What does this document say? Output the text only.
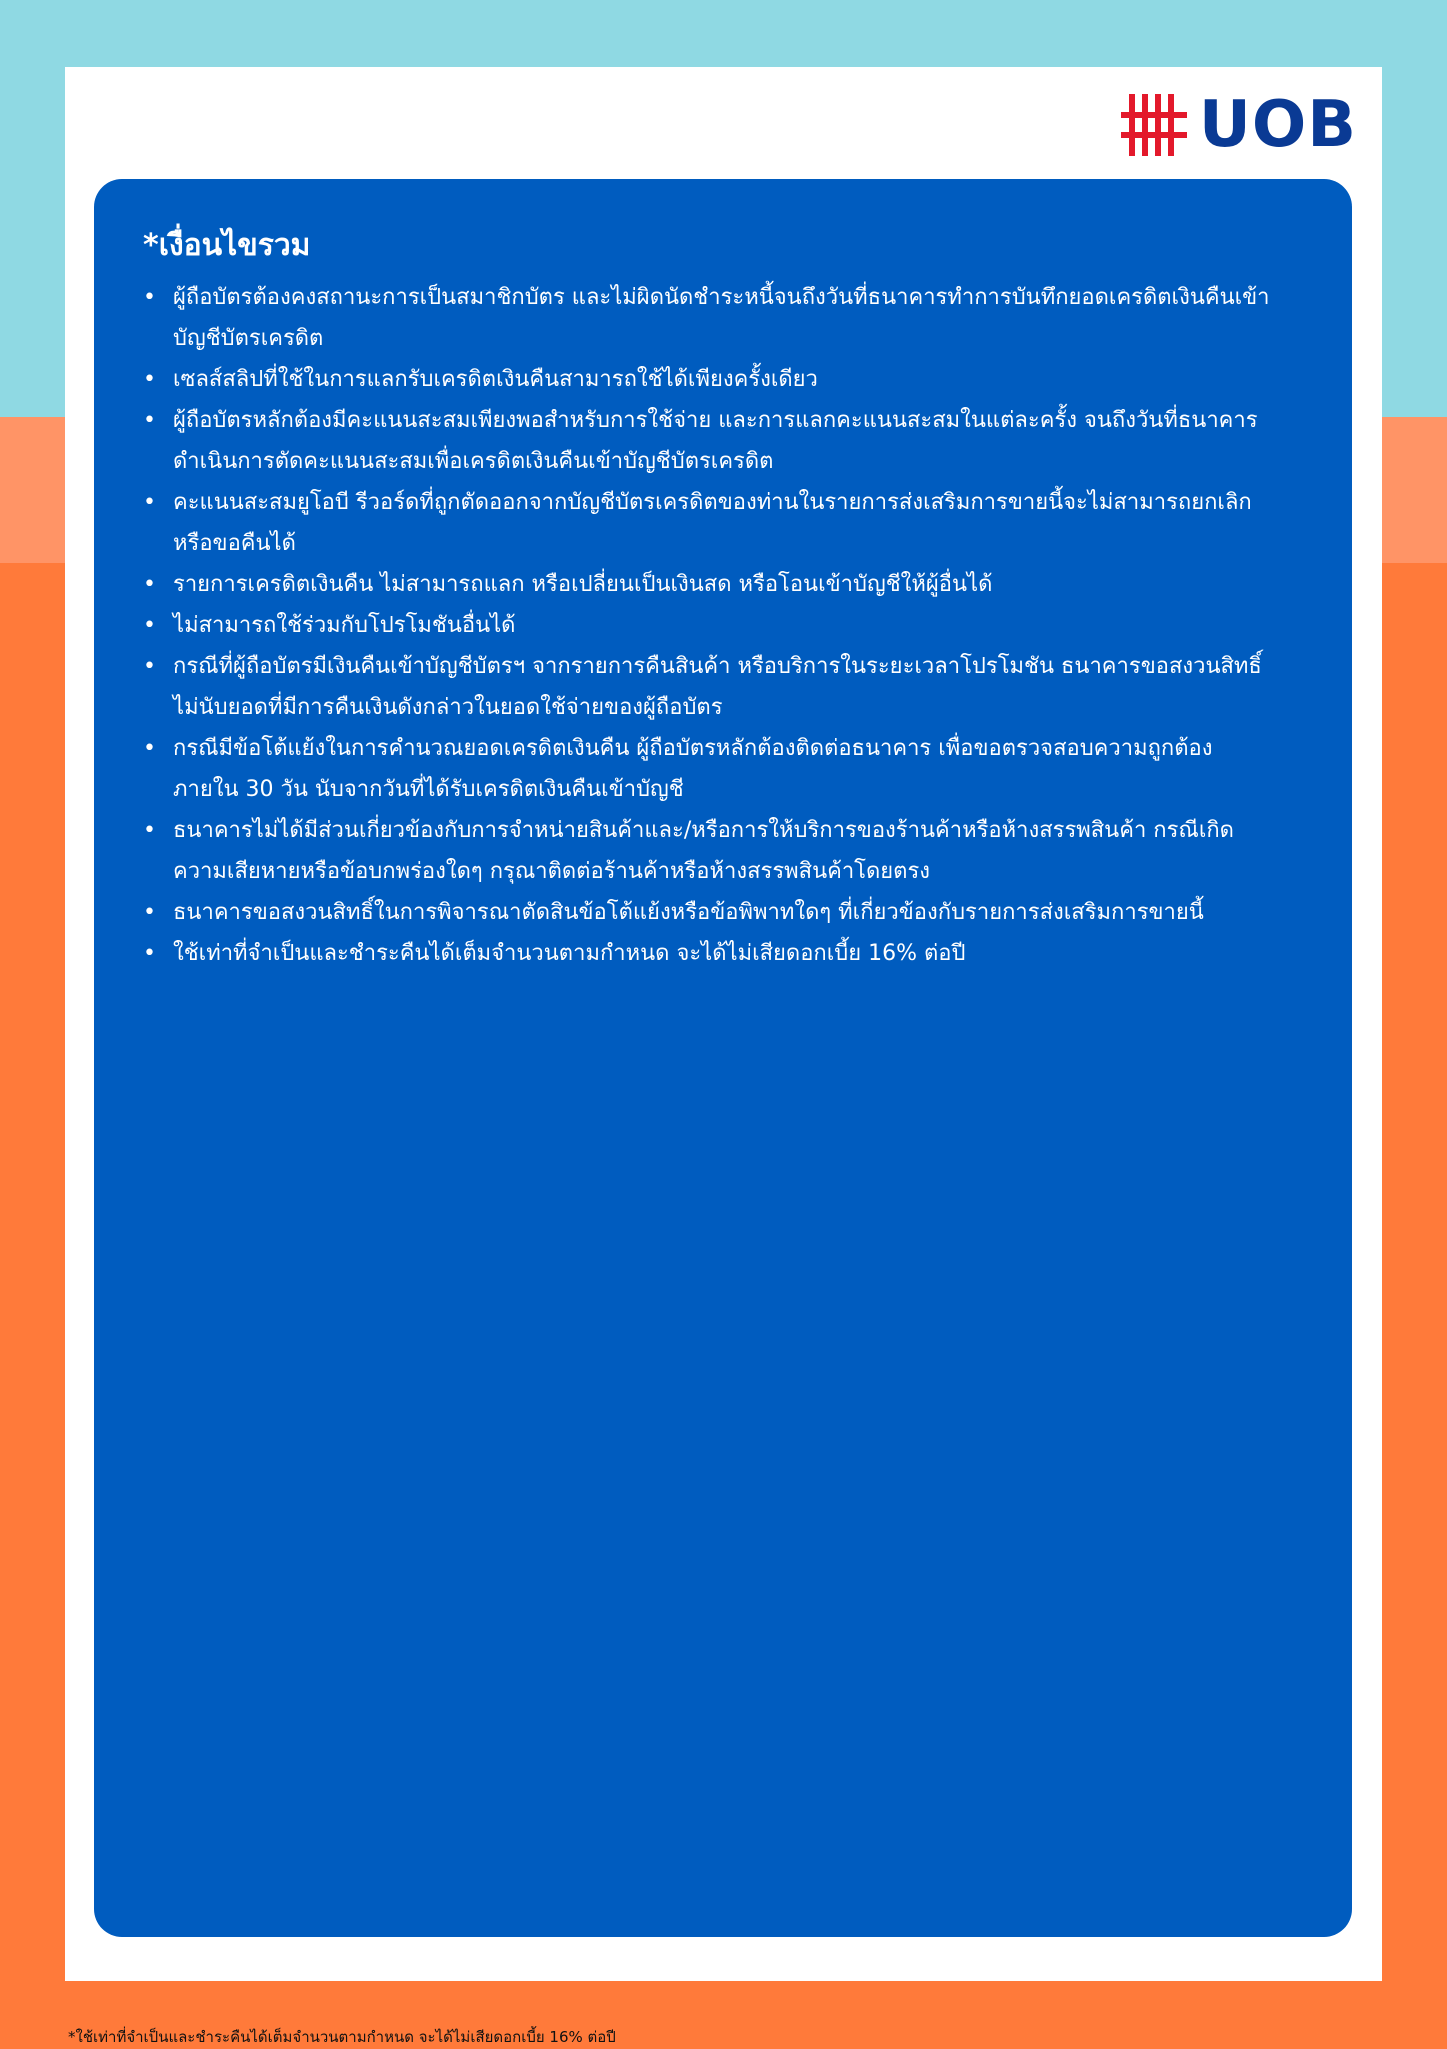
UOB
*เงื่อนไขรวม
• ผู้ถือบัตรต้องคงสถานะการเป็นสมาชิกบัตร และไม่ผิดนัดชำระหนี้จนถึงวันที่ธนาคารทำการบันทึกยอดเครดิตเงินคืนเข้าบัญชีบัตรเครดิต
• เซลส์สลิปที่ใช้ในการแลกรับเครดิตเงินคืนสามารถใช้ได้เพียงครั้งเดียว
• ผู้ถือบัตรหลักต้องมีคะแนนสะสมเพียงพอสำหรับการใช้จ่าย และการแลกคะแนนสะสมในแต่ละครั้ง จนถึงวันที่ธนาคารดำเนินการตัดคะแนนสะสมเพื่อเครดิตเงินคืนเข้าบัญชีบัตรเครดิต
• คะแนนสะสมยูโอบี รีวอร์ดที่ถูกตัดออกจากบัญชีบัตรเครดิตของท่านในรายการส่งเสริมการขายนี้จะไม่สามารถยกเลิกหรือขอคืนได้
• รายการเครดิตเงินคืน ไม่สามารถแลก หรือเปลี่ยนเป็นเงินสด หรือโอนเข้าบัญชีให้ผู้อื่นได้
• ไม่สามารถใช้ร่วมกับโปรโมชันอื่นได้
• กรณีที่ผู้ถือบัตรมีเงินคืนเข้าบัญชีบัตรฯ จากรายการคืนสินค้า หรือบริการในระยะเวลาโปรโมชัน ธนาคารขอสงวนสิทธิ์ไม่นับยอดที่มีการคืนเงินดังกล่าวในยอดใช้จ่ายของผู้ถือบัตร
• กรณีมีข้อโต้แย้งในการคำนวณยอดเครดิตเงินคืน ผู้ถือบัตรหลักต้องติดต่อธนาคาร เพื่อขอตรวจสอบความถูกต้องภายใน 30 วัน นับจากวันที่ได้รับเครดิตเงินคืนเข้าบัญชี
• ธนาคารไม่ได้มีส่วนเกี่ยวข้องกับการจำหน่ายสินค้าและ/หรือการให้บริการของร้านค้าหรือห้างสรรพสินค้า กรณีเกิดความเสียหายหรือข้อบกพร่องใดๆ กรุณาติดต่อร้านค้าหรือห้างสรรพสินค้าโดยตรง
• ธนาคารขอสงวนสิทธิ์ในการพิจารณาตัดสินข้อโต้แย้งหรือข้อพิพาทใดๆ ที่เกี่ยวข้องกับรายการส่งเสริมการขายนี้
• ใช้เท่าที่จำเป็นและชำระคืนได้เต็มจำนวนตามกำหนด จะได้ไม่เสียดอกเบี้ย 16% ต่อปี
*ใช้เท่าที่จำเป็นและชำระคืนได้เต็มจำนวนตามกำหนด จะได้ไม่เสียดอกเบี้ย 16% ต่อปี
